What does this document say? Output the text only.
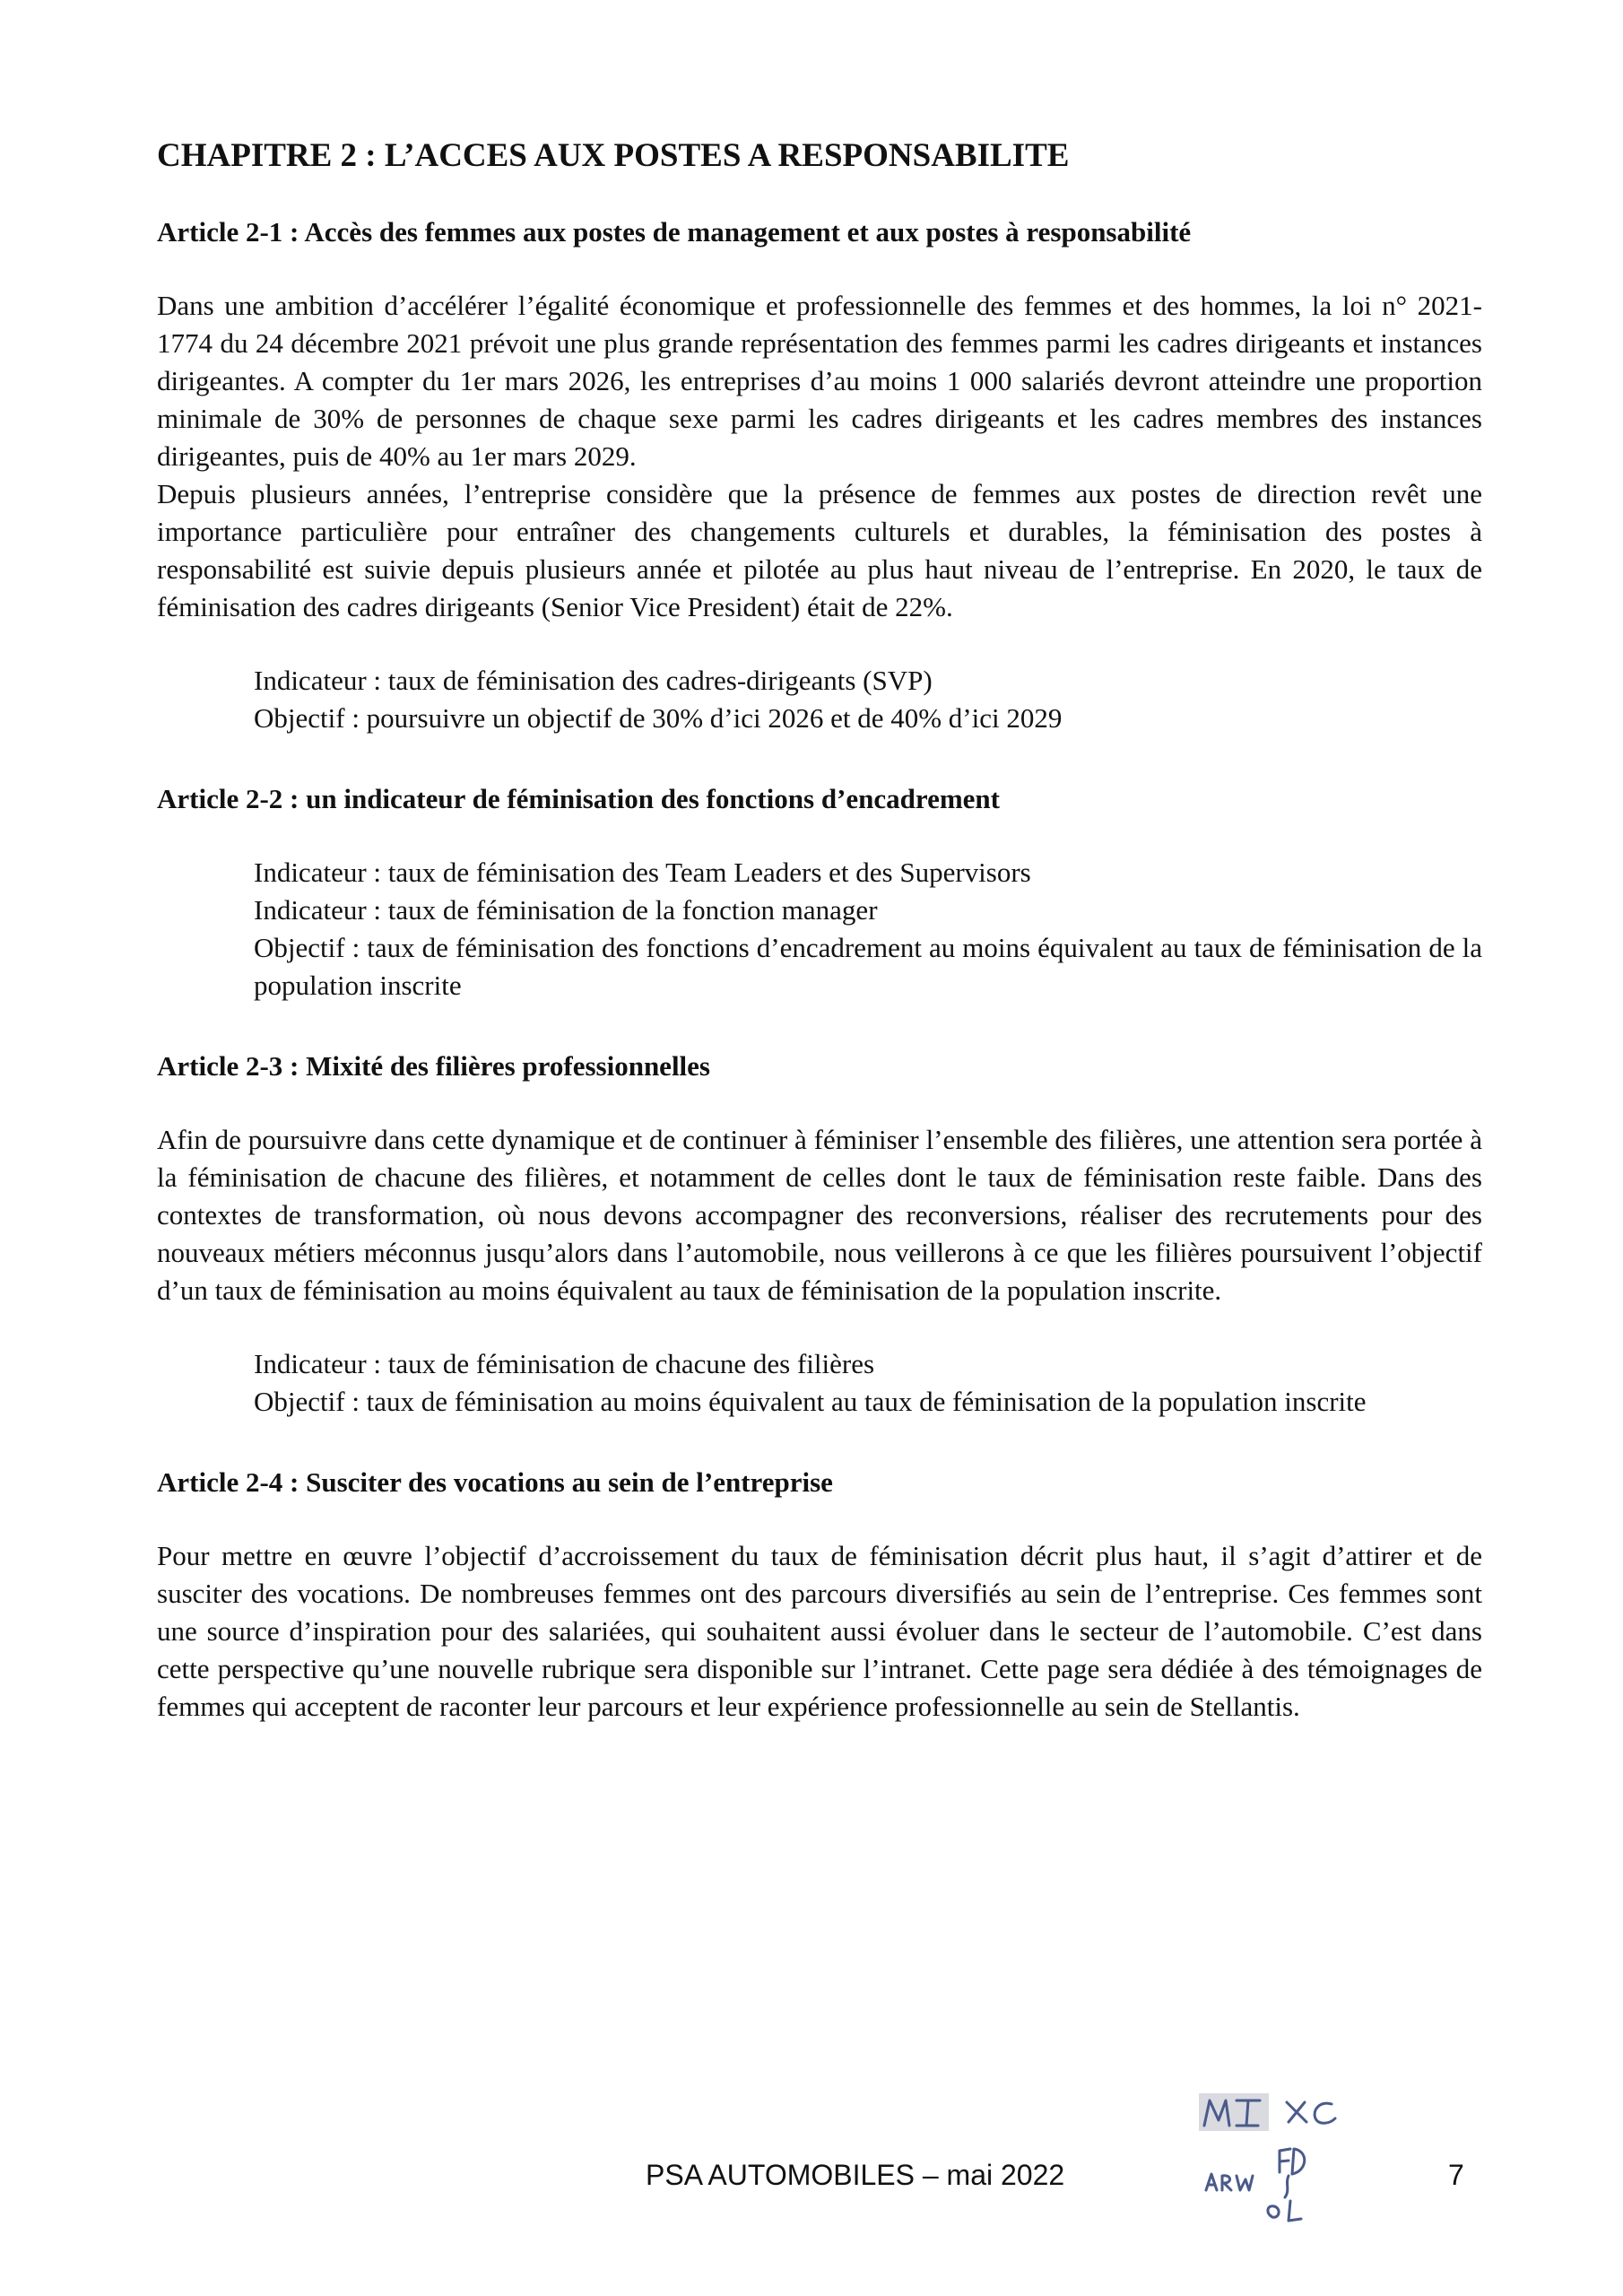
CHAPITRE 2 : L’ACCES AUX POSTES A RESPONSABILITE
Article 2-1 : Accès des femmes aux postes de management et aux postes à responsabilité

Dans une ambition d’accélérer l’égalité économique et professionnelle des femmes et des hommes, la loi n° 2021-1774 du 24 décembre 2021 prévoit une plus grande représentation des femmes parmi les cadres dirigeants et instances dirigeantes. A compter du 1er mars 2026, les entreprises d’au moins 1 000 salariés devront atteindre une proportion minimale de 30% de personnes de chaque sexe parmi les cadres dirigeants et les cadres membres des instances dirigeantes, puis de 40% au 1er mars 2029.

Depuis plusieurs années, l’entreprise considère que la présence de femmes aux postes de direction revêt une importance particulière pour entraîner des changements culturels et durables, la féminisation des postes à responsabilité est suivie depuis plusieurs année et pilotée au plus haut niveau de l’entreprise. En 2020, le taux de féminisation des cadres dirigeants (Senior Vice President) était de 22%.

Indicateur : taux de féminisation des cadres-dirigeants (SVP)
Objectif : poursuivre un objectif de 30% d’ici 2026 et de 40% d’ici 2029
Article 2-2 : un indicateur de féminisation des fonctions d’encadrement
Indicateur : taux de féminisation des Team Leaders et des Supervisors
Indicateur : taux de féminisation de la fonction manager
Objectif : taux de féminisation des fonctions d’encadrement au moins équivalent au taux de féminisation de la population inscrite
Article 2-3 : Mixité des filières professionnelles

Afin de poursuivre dans cette dynamique et de continuer à féminiser l’ensemble des filières, une attention sera portée à la féminisation de chacune des filières, et notamment de celles dont le taux de féminisation reste faible. Dans des contextes de transformation, où nous devons accompagner des reconversions, réaliser des recrutements pour des nouveaux métiers méconnus jusqu’alors dans l’automobile, nous veillerons à ce que les filières poursuivent l’objectif d’un taux de féminisation au moins équivalent au taux de féminisation de la population inscrite.

Indicateur : taux de féminisation de chacune des filières
Objectif : taux de féminisation au moins équivalent au taux de féminisation de la population inscrite
Article 2-4 : Susciter des vocations au sein de l’entreprise

Pour mettre en œuvre l’objectif d’accroissement du taux de féminisation décrit plus haut, il s’agit d’attirer et de susciter des vocations. De nombreuses femmes ont des parcours diversifiés au sein de l’entreprise. Ces femmes sont une source d’inspiration pour des salariées, qui souhaitent aussi évoluer dans le secteur de l’automobile. C’est dans cette perspective qu’une nouvelle rubrique sera disponible sur l’intranet. Cette page sera dédiée à des témoignages de femmes qui acceptent de raconter leur parcours et leur expérience professionnelle au sein de Stellantis.

PSA AUTOMOBILES – mai 2022	7
